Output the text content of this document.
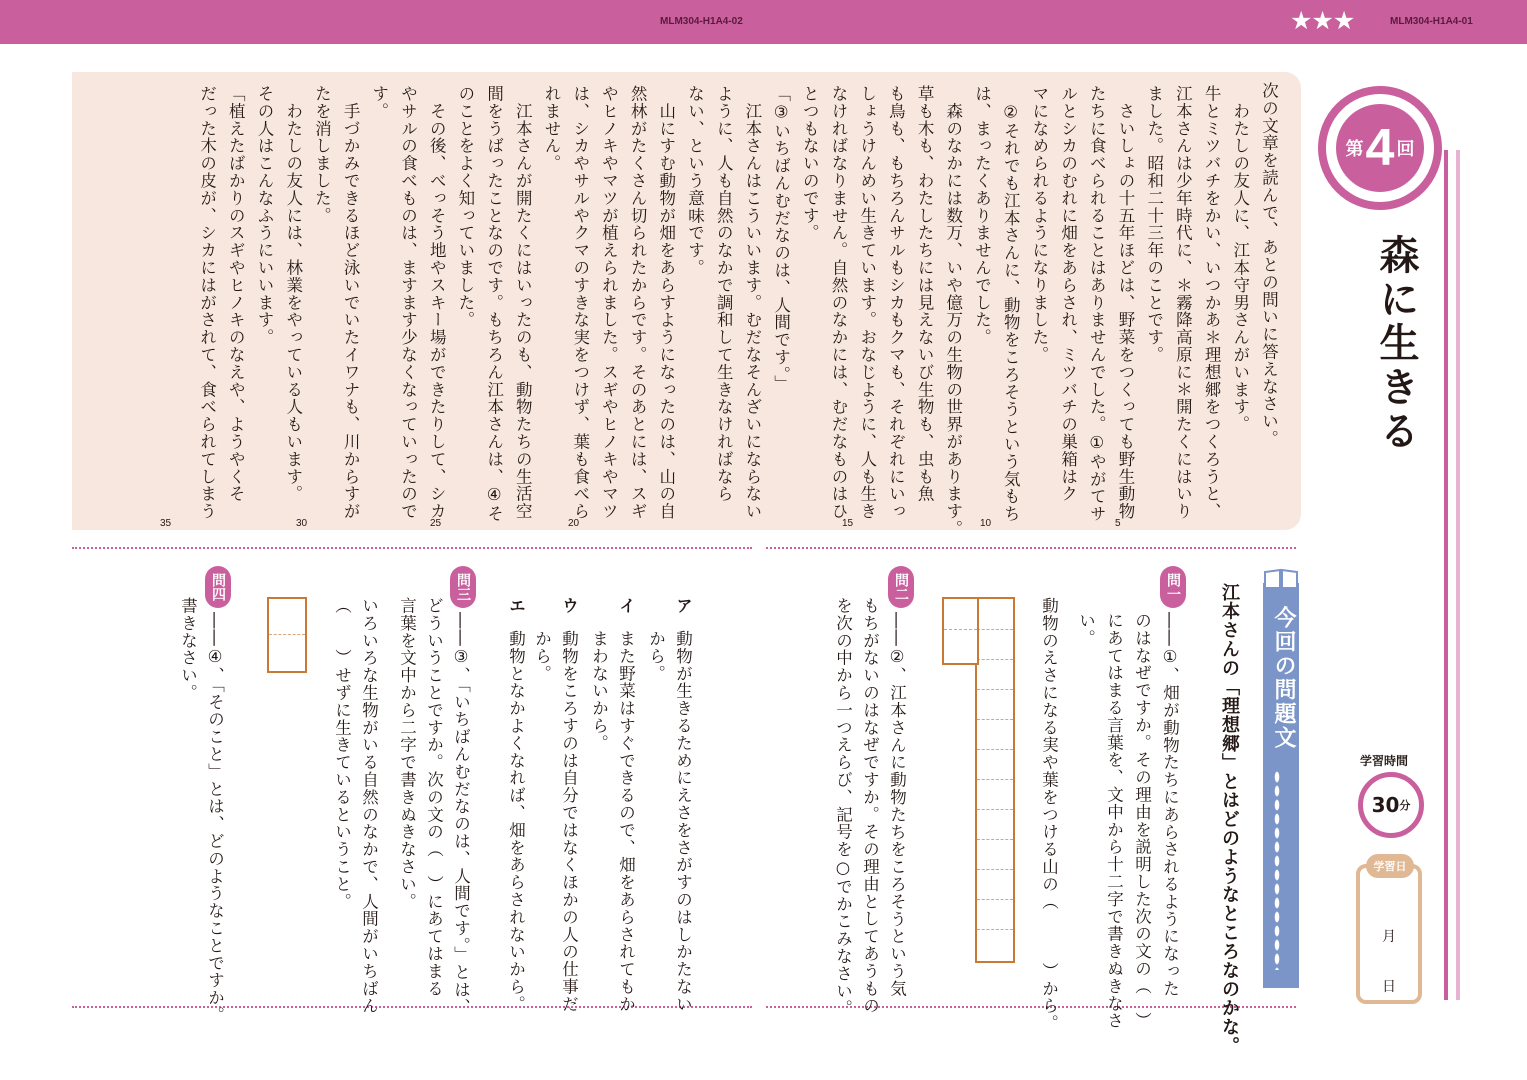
MLM304-H1A4-02	★★★	MLM304-H1A4-01
次の文章を読んで、あとの問いに答えなさい。
　わたしの友人に、江本守男さんがいます。
牛とミツバチをかい、いつかあ＊理想郷をつくろうと、
江本さんは少年時代に、＊霧降高原に＊開たくにはいり
ました。昭和二十三年のことです。
　さいしょの十五年ほどは、野菜をつくっても野生動物
たちに食べられることはありませんでした。①やがてサ
ルとシカのむれに畑をあらされ、ミツバチの巣箱はク
マになめられるようになりました。
　②それでも江本さんに、動物をころそうという気もち
は、まったくありませんでした。
　森のなかには数万、いや億万の生物の世界があります。
草も木も、わたしたちには見えないび生物も、虫も魚
も鳥も、もちろんサルもシカもクマも、それぞれにいっ
しょうけんめい生きています。おなじように、人も生き
なければなりません。自然のなかには、むだなものはひ
とつもないのです。
「③いちばんむだなのは、人間です。」
　江本さんはこういいます。むだなそんざいにならない
ように、人も自然のなかで調和して生きなければなら
ない、という意味です。
　山にすむ動物が畑をあらすようになったのは、山の自
然林がたくさん切られたからです。そのあとには、スギ
やヒノキやマツが植えられました。スギやヒノキやマツ
は、シカやサルやクマのすきな実をつけず、葉も食べら
れません。
　江本さんが開たくにはいったのも、動物たちの生活空
間をうばったことなのです。もちろん江本さんは、④そ
のことをよく知っていました。
　その後、べっそう地やスキー場ができたりして、シカ
やサルの食べものは、ますます少なくなっていったので
す。
　手づかみできるほど泳いでいたイワナも、川からすが
たを消しました。
　わたしの友人には、林業をやっている人もいます。
その人はこんなふうにいいます。
「植えたばかりのスギやヒノキのなえや、ようやくそ
だった木の皮が、シカにはがされて、食べられてしまう
5
10
15
20
25
30
35
第 4 回
森に生きる
学習時間
30 分
学習日
月
日
今回の問題文
江本さんの「理想郷」とはどのようなところなのかな。
問一
――①、畑が動物たちにあらされるようになった
のはなぜですか。その理由を説明した次の文の（　）
にあてはまる言葉を、文中から十二字で書きぬきなさ
い。
動物のえさになる実や葉をつける山の（　　　）から。
問二
――②、江本さんに動物たちをころそうという気
もちがないのはなぜですか。その理由としてあうもの
を次の中から一つえらび、記号を○でかこみなさい。
ア
動物が生きるためにえさをさがすのはしかたない
から。
イ
また野菜はすぐできるので、畑をあらされてもか
まわないから。
ウ
動物をころすのは自分ではなくほかの人の仕事だ
から。
エ
動物となかよくなれば、畑をあらされないから。
問三
――③、「いちばんむだなのは、人間です。」とは、
どういうことですか。次の文の（　）にあてはまる
言葉を文中から二字で書きぬきなさい。
いろいろな生物がいる自然のなかで、人間がいちばん
（　　）せずに生きているということ。
問四
――④、「そのこと」とは、どのようなことですか。
書きなさい。
